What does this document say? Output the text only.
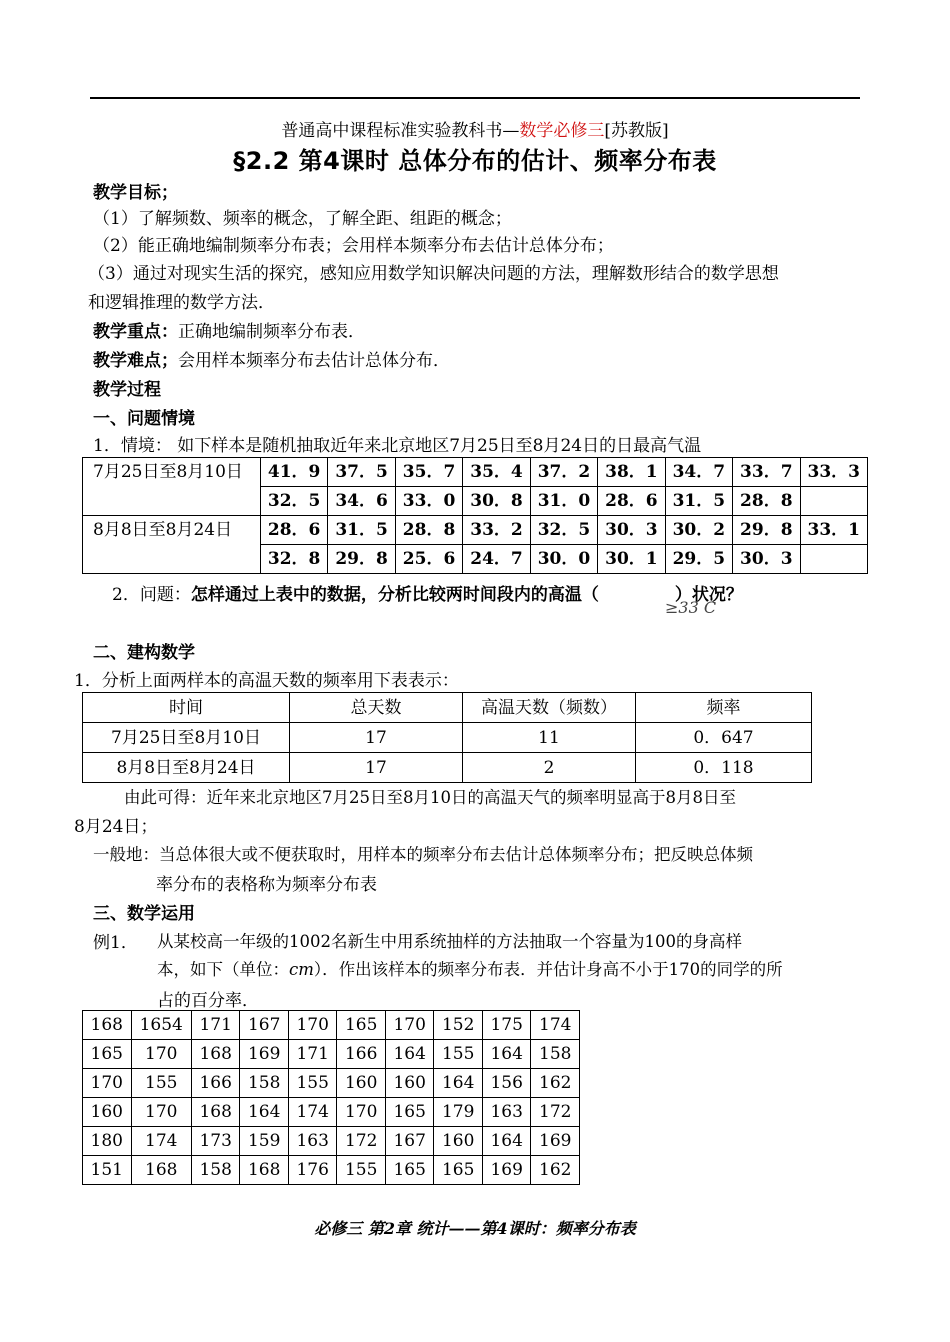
普通高中课程标准实验教科书—数学必修三[苏教版]
§2.2 第4课时 总体分布的估计、频率分布表
教学目标；
（1）了解频数、频率的概念，了解全距、组距的概念；
（2）能正确地编制频率分布表；会用样本频率分布去估计总体分布；
（3）通过对现实生活的探究，感知应用数学知识解决问题的方法，理解数形结合的数学思想
和逻辑推理的数学方法．
教学重点：正确地编制频率分布表．
教学难点；会用样本频率分布去估计总体分布．
教学过程
一、问题情境
1．情境： 如下样本是随机抽取近年来北京地区7月25日至8月24日的日最高气温
7月25日至8月10日	41．9	37．5	35．7	35．4	37．2	38．1	34．7	33．7	33．3
	32．5	34．6	33．0	30．8	31．0	28．6	31．5	28．8	
8月8日至8月24日	28．6	31．5	28．8	33．2	32．5	30．3	30．2	29．8	33．1
	32．8	29．8	25．6	24．7	30．0	30．1	29．5	30．3	
2．问题：怎样通过上表中的数据，分析比较两时间段内的高温（	）状况？
≥33 C
二、建构数学
1．分析上面两样本的高温天数的频率用下表表示：
时间	总天数	高温天数（频数）	频率
7月25日至8月10日	17	11	0．647
8月8日至8月24日	17	2	0．118
由此可得：近年来北京地区7月25日至8月10日的高温天气的频率明显高于8月8日至
8月24日；
一般地：当总体很大或不便获取时，用样本的频率分布去估计总体频率分布；把反映总体频
率分布的表格称为频率分布表
三、数学运用
例1． 从某校高一年级的1002名新生中用系统抽样的方法抽取一个容量为100的身高样
本，如下（单位：cm）．作出该样本的频率分布表．并估计身高不小于170的同学的所
占的百分率．
168	1654	171	167	170	165	170	152	175	174
165	170	168	169	171	166	164	155	164	158
170	155	166	158	155	160	160	164	156	162
160	170	168	164	174	170	165	179	163	172
180	174	173	159	163	172	167	160	164	169
151	168	158	168	176	155	165	165	169	162
必修三 第2章 统计——第4课时：频率分布表
